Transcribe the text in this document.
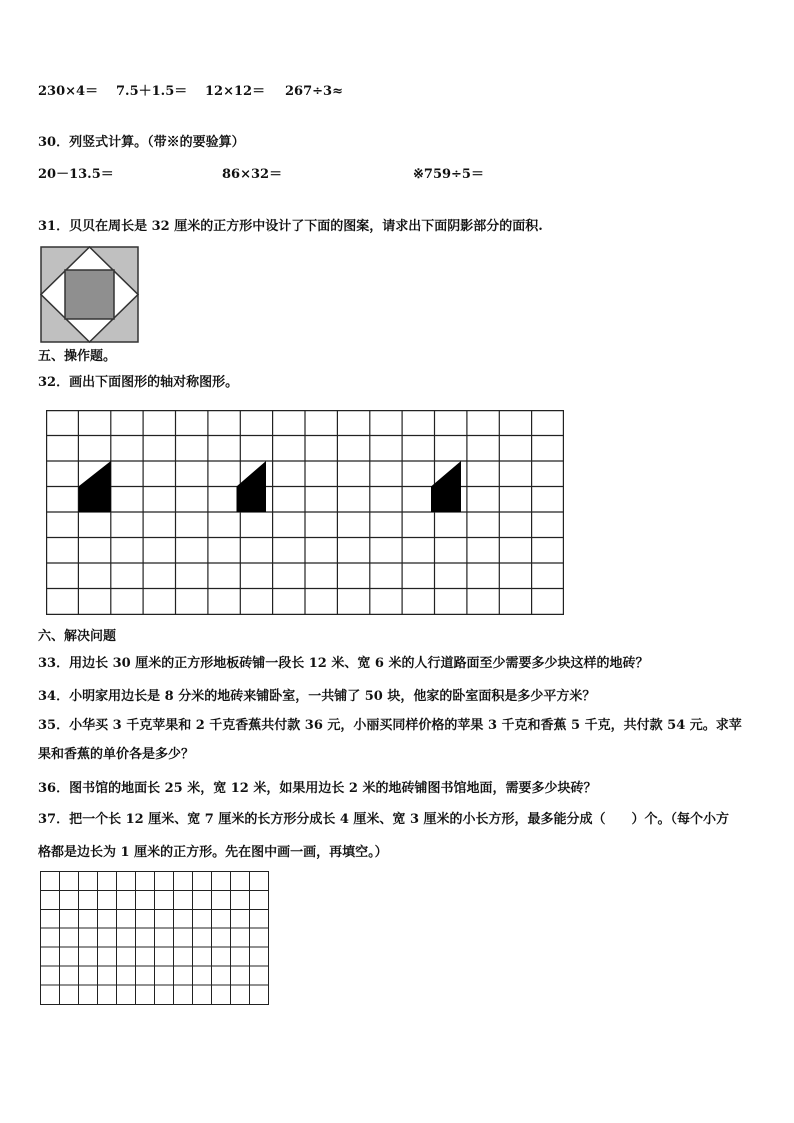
230×4＝ 7.5＋1.5＝ 12×12＝ 267÷3≈
30．列竖式计算。（带※的要验算）
20－13.5＝	86×32＝	※759÷5＝
31．贝贝在周长是 32 厘米的正方形中设计了下面的图案，请求出下面阴影部分的面积.
五、操作题。
32．画出下面图形的轴对称图形。
六、解决问题
33．用边长 30 厘米的正方形地板砖铺一段长 12 米、宽 6 米的人行道路面至少需要多少块这样的地砖？
34．小明家用边长是 8 分米的地砖来铺卧室，一共铺了 50 块，他家的卧室面积是多少平方米？
35．小华买 3 千克苹果和 2 千克香蕉共付款 36 元，小丽买同样价格的苹果 3 千克和香蕉 5 千克，共付款 54 元。求苹
果和香蕉的单价各是多少？
36．图书馆的地面长 25 米，宽 12 米，如果用边长 2 米的地砖铺图书馆地面，需要多少块砖？
37．把一个长 12 厘米、宽 7 厘米的长方形分成长 4 厘米、宽 3 厘米的小长方形，最多能分成（　　）个。（每个小方
格都是边长为 1 厘米的正方形。先在图中画一画，再填空。）
